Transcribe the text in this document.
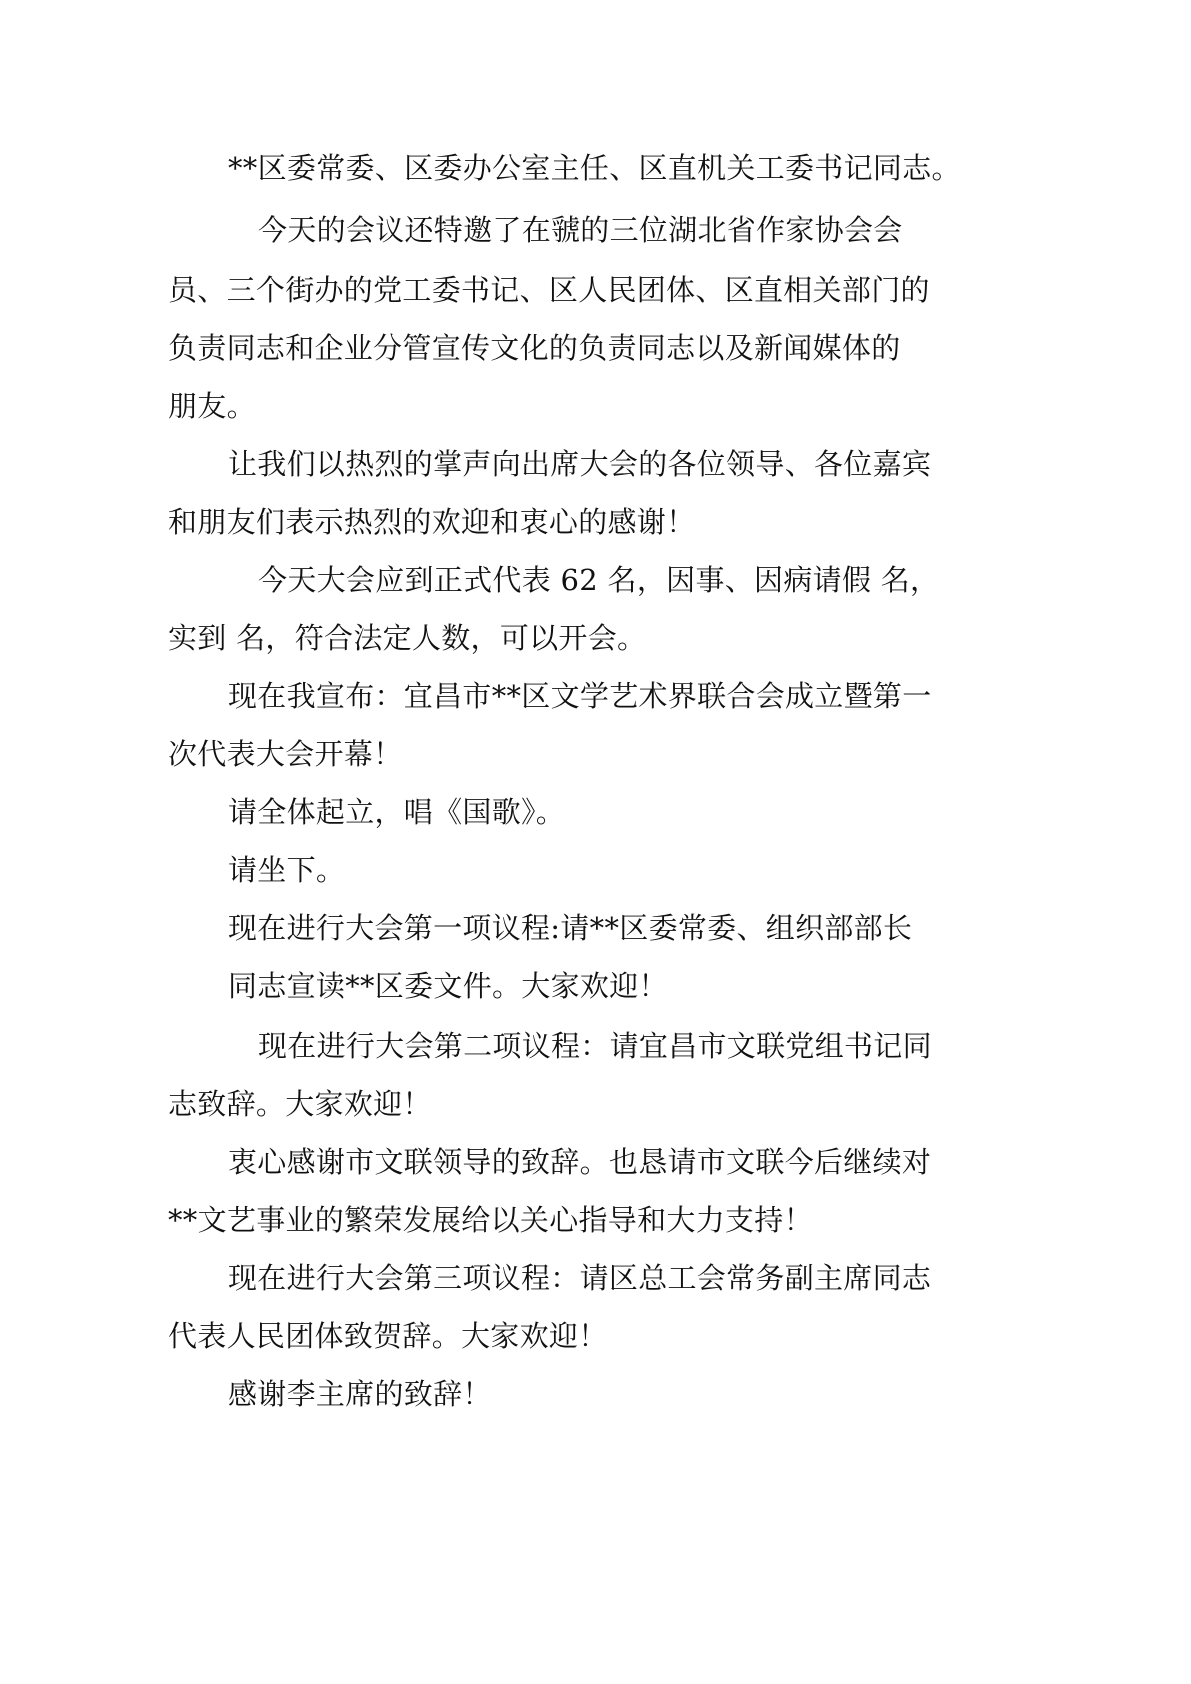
**区委常委、区委办公室主任、区直机关工委书记同志。
今天的会议还特邀了在虢的三位湖北省作家协会会
员、三个街办的党工委书记、区人民团体、区直相关部门的
负责同志和企业分管宣传文化的负责同志以及新闻媒体的
朋友。
让我们以热烈的掌声向出席大会的各位领导、各位嘉宾
和朋友们表示热烈的欢迎和衷心的感谢！
今天大会应到正式代表 62 名，因事、因病请假 名，
实到 名，符合法定人数，可以开会。
现在我宣布：宜昌市**区文学艺术界联合会成立暨第一
次代表大会开幕！
请全体起立，唱《国歌》。
请坐下。
现在进行大会第一项议程:请**区委常委、组织部部长
同志宣读**区委文件。大家欢迎！
现在进行大会第二项议程：请宜昌市文联党组书记同
志致辞。大家欢迎！
衷心感谢市文联领导的致辞。也恳请市文联今后继续对
**文艺事业的繁荣发展给以关心指导和大力支持！
现在进行大会第三项议程：请区总工会常务副主席同志
代表人民团体致贺辞。大家欢迎！
感谢李主席的致辞！
